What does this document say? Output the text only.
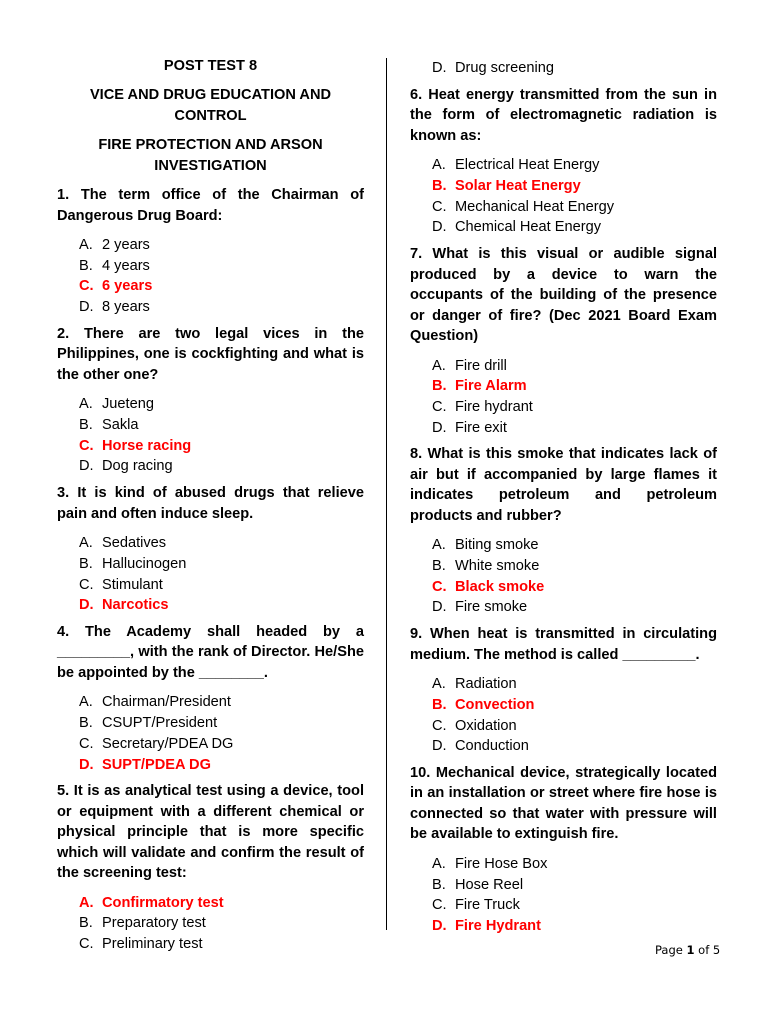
POST TEST 8
VICE AND DRUG EDUCATION AND CONTROL
FIRE PROTECTION AND ARSON INVESTIGATION
1. The term office of the Chairman of Dangerous Drug Board:
A. 2 years
B. 4 years
C. 6 years
D. 8 years
2. There are two legal vices in the Philippines, one is cockfighting and what is the other one?
A. Jueteng
B. Sakla
C. Horse racing
D. Dog racing
3. It is kind of abused drugs that relieve pain and often induce sleep.
A. Sedatives
B. Hallucinogen
C. Stimulant
D. Narcotics
4. The Academy shall headed by a _________, with the rank of Director. He/She be appointed by the ________.
A. Chairman/President
B. CSUPT/President
C. Secretary/PDEA DG
D. SUPT/PDEA DG
5. It is as analytical test using a device, tool or equipment with a different chemical or physical principle that is more specific which will validate and confirm the result of the screening test:
A. Confirmatory test
B. Preparatory test
C. Preliminary test
D. Drug screening
6. Heat energy transmitted from the sun in the form of electromagnetic radiation is known as:
A. Electrical Heat Energy
B. Solar Heat Energy
C. Mechanical Heat Energy
D. Chemical Heat Energy
7. What is this visual or audible signal produced by a device to warn the occupants of the building of the presence or danger of fire? (Dec 2021 Board Exam Question)
A. Fire drill
B. Fire Alarm
C. Fire hydrant
D. Fire exit
8. What is this smoke that indicates lack of air but if accompanied by large flames it indicates petroleum and petroleum products and rubber?
A. Biting smoke
B. White smoke
C. Black smoke
D. Fire smoke
9. When heat is transmitted in circulating medium. The method is called _________.
A. Radiation
B. Convection
C. Oxidation
D. Conduction
10. Mechanical device, strategically located in an installation or street where fire hose is connected so that water with pressure will be available to extinguish fire.
A. Fire Hose Box
B. Hose Reel
C. Fire Truck
D. Fire Hydrant
Page 1 of 5
